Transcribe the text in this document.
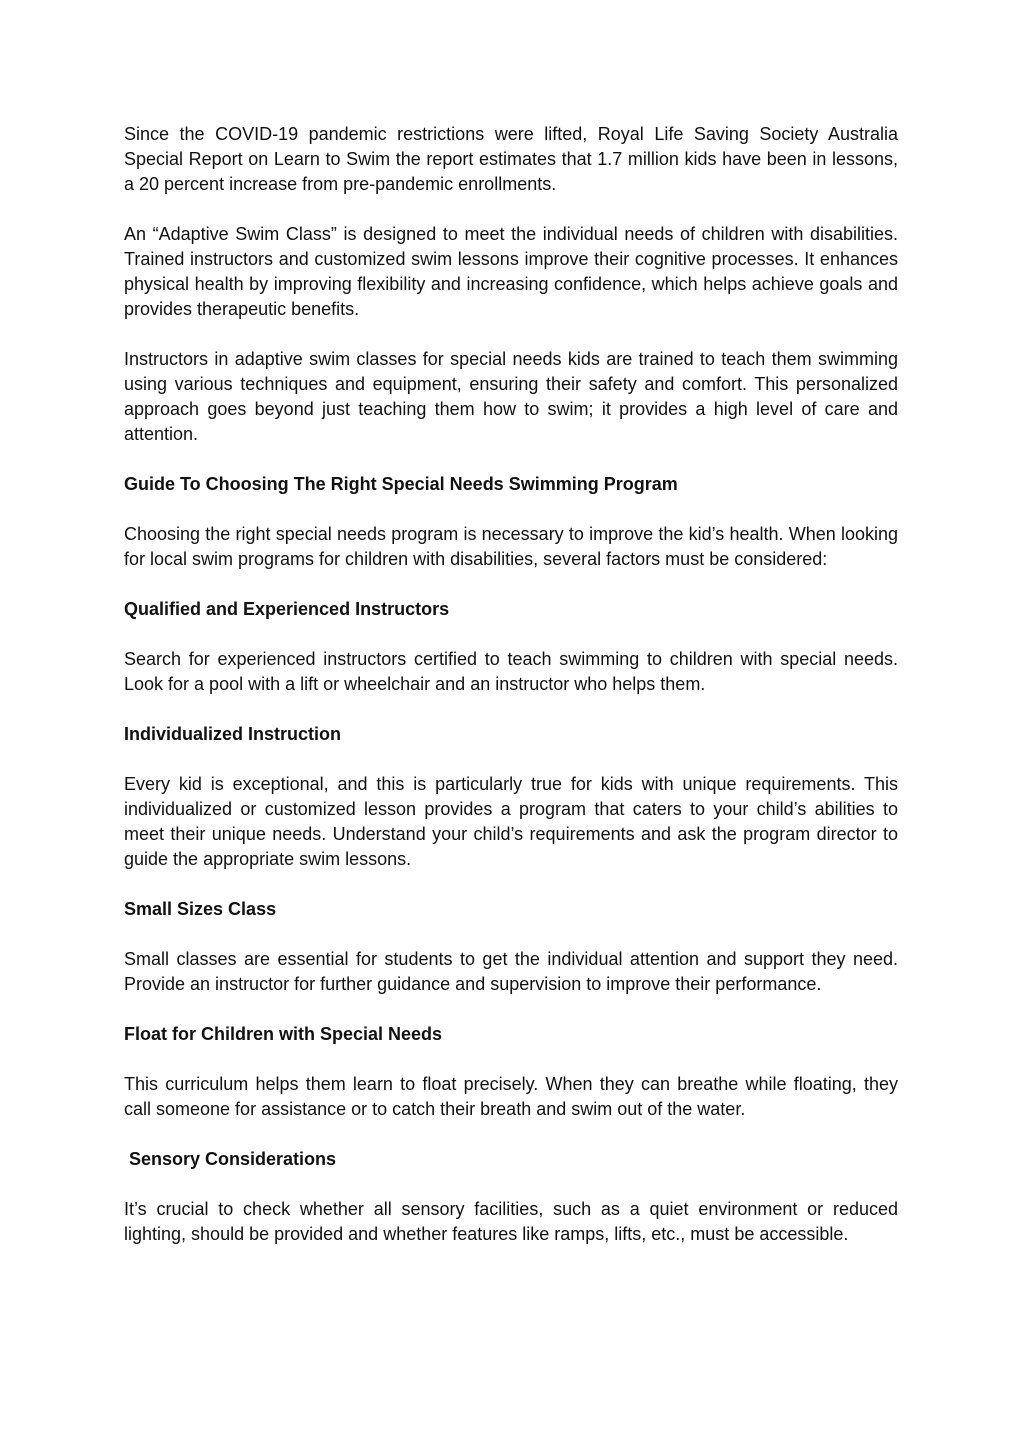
Since the COVID-19 pandemic restrictions were lifted, Royal Life Saving Society Australia Special Report on Learn to Swim the report estimates that 1.7 million kids have been in lessons, a 20 percent increase from pre-pandemic enrollments.

An “Adaptive Swim Class” is designed to meet the individual needs of children with disabilities. Trained instructors and customized swim lessons improve their cognitive processes. It enhances physical health by improving flexibility and increasing confidence, which helps achieve goals and provides therapeutic benefits.

Instructors in adaptive swim classes for special needs kids are trained to teach them swimming using various techniques and equipment, ensuring their safety and comfort. This personalized approach goes beyond just teaching them how to swim; it provides a high level of care and attention.

Guide To Choosing The Right Special Needs Swimming Program

Choosing the right special needs program is necessary to improve the kid’s health. When looking for local swim programs for children with disabilities, several factors must be considered:

Qualified and Experienced Instructors

Search for experienced instructors certified to teach swimming to children with special needs. Look for a pool with a lift or wheelchair and an instructor who helps them.

Individualized Instruction

Every kid is exceptional, and this is particularly true for kids with unique requirements. This individualized or customized lesson provides a program that caters to your child’s abilities to meet their unique needs. Understand your child’s requirements and ask the program director to guide the appropriate swim lessons.

Small Sizes Class

Small classes are essential for students to get the individual attention and support they need. Provide an instructor for further guidance and supervision to improve their performance.

Float for Children with Special Needs

This curriculum helps them learn to float precisely. When they can breathe while floating, they call someone for assistance or to catch their breath and swim out of the water.

Sensory Considerations

It’s crucial to check whether all sensory facilities, such as a quiet environment or reduced lighting, should be provided and whether features like ramps, lifts, etc., must be accessible.
